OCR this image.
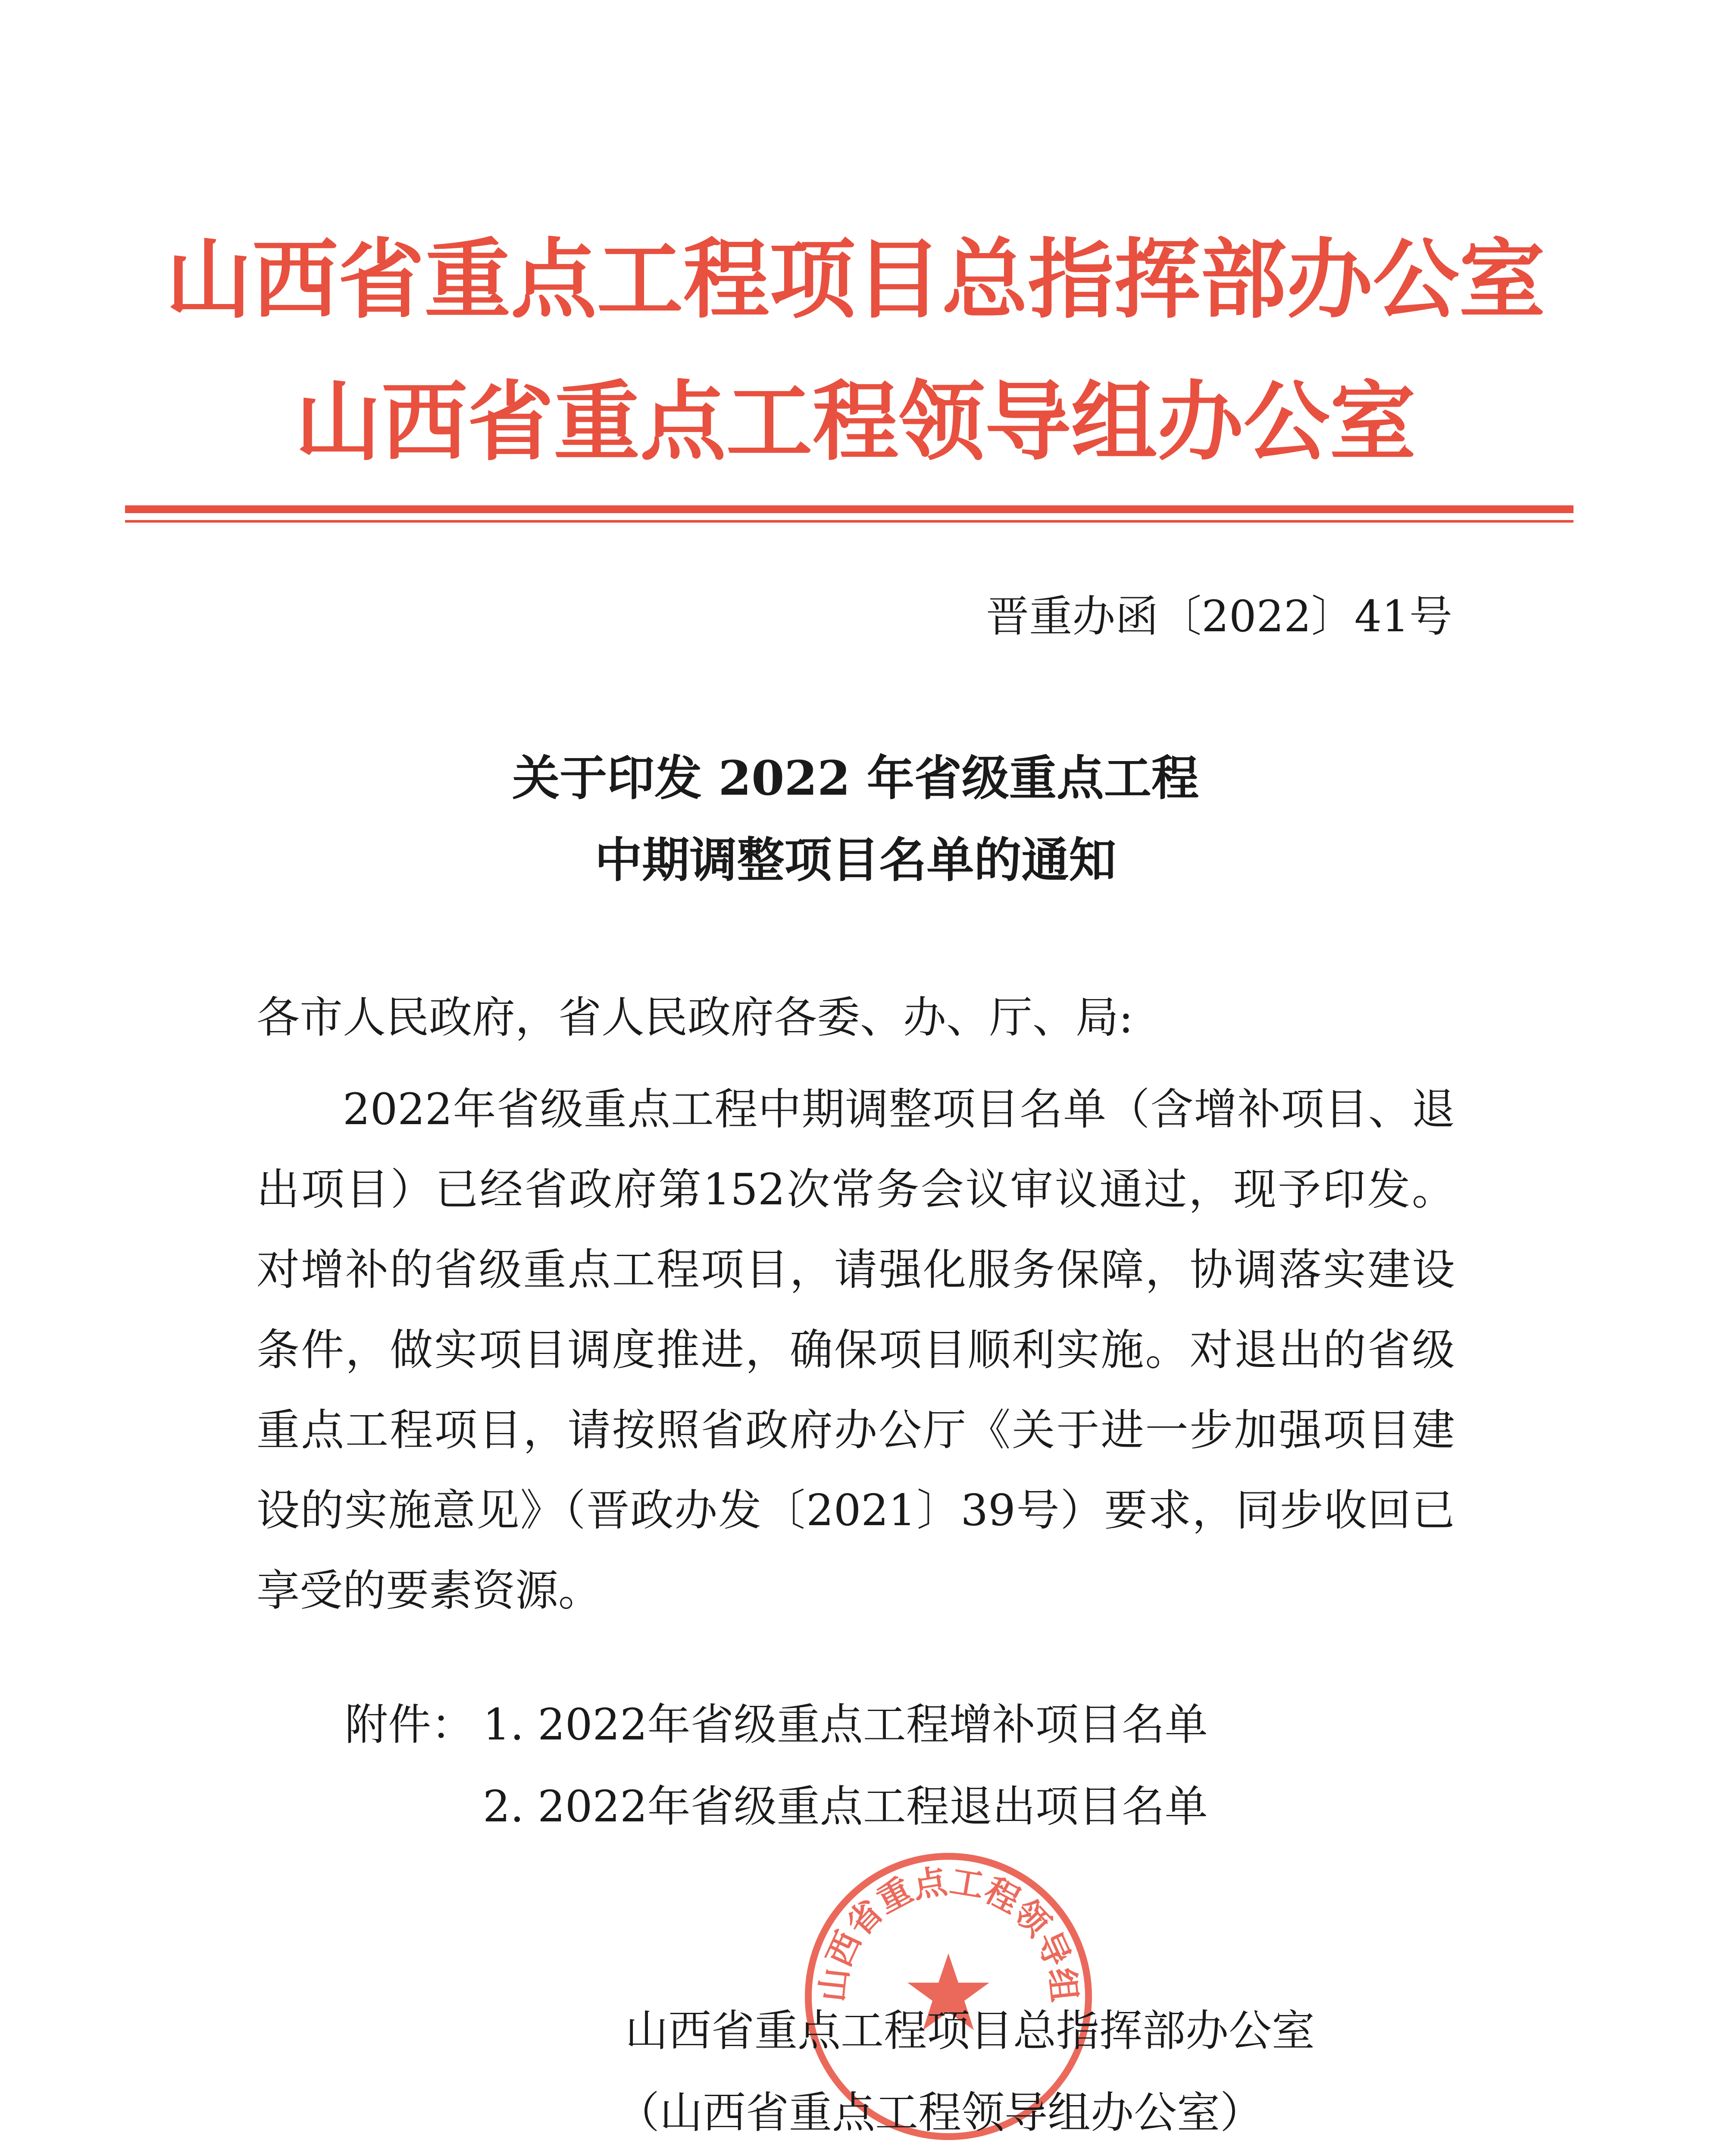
山西省重点工程项目总指挥部办公室
山西省重点工程领导组办公室
晋重办函〔2022〕41号
关于印发 2022 年省级重点工程
中期调整项目名单的通知
各市人民政府，省人民政府各委、办、厅、局:
2022年省级重点工程中期调整项目名单（含增补项目、退出项目）已经省政府第152次常务会议审议通过，现予印发。对增补的省级重点工程项目，请强化服务保障，协调落实建设条件，做实项目调度推进，确保项目顺利实施。对退出的省级重点工程项目，请按照省政府办公厅《关于进一步加强项目建设的实施意见》（晋政办发〔2021〕39号）要求，同步收回已享受的要素资源。
附件： 1. 2022年省级重点工程增补项目名单
2. 2022年省级重点工程退出项目名单
山西省重点工程领导组
山西省重点工程项目总指挥部办公室
（山西省重点工程领导组办公室）
